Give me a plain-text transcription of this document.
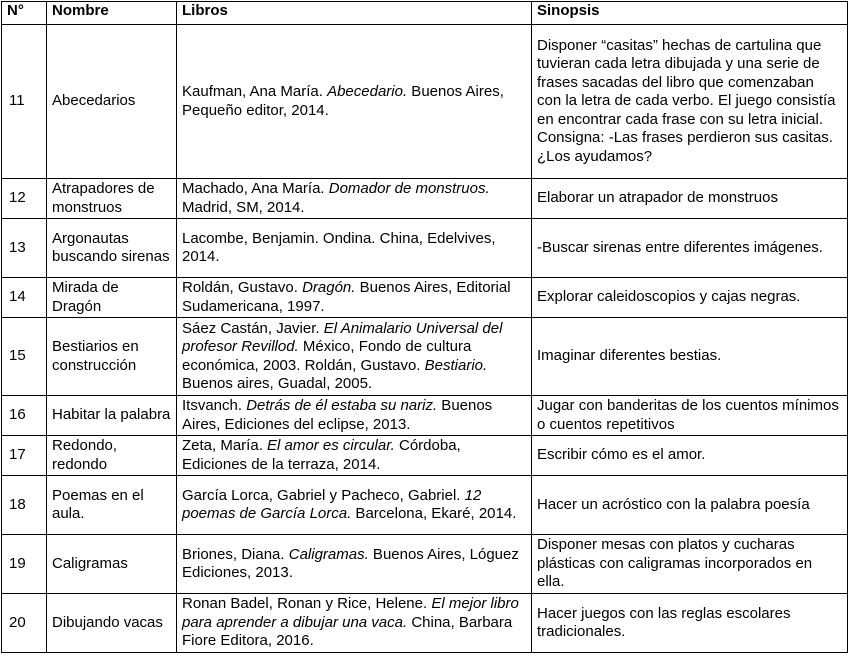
N°	Nombre	Libros	Sinopsis
11	Abecedarios	Kaufman, Ana María. Abecedario. Buenos Aires, Pequeño editor, 2014.	Disponer “casitas” hechas de cartulina que tuvieran cada letra dibujada y una serie de frases sacadas del libro que comenzaban con la letra de cada verbo. El juego consistía en encontrar cada frase con su letra inicial. Consigna: -Las frases perdieron sus casitas. ¿Los ayudamos?
12	Atrapadores de monstruos	Machado, Ana María. Domador de monstruos. Madrid, SM, 2014.	Elaborar un atrapador de monstruos
13	Argonautas buscando sirenas	Lacombe, Benjamin. Ondina. China, Edelvives, 2014.	-Buscar sirenas entre diferentes imágenes.
14	Mirada de Dragón	Roldán, Gustavo. Dragón. Buenos Aires, Editorial Sudamericana, 1997.	Explorar caleidoscopios y cajas negras.
15	Bestiarios en construcción	Sáez Castán, Javier. El Animalario Universal del profesor Revillod. México, Fondo de cultura económica, 2003. Roldán, Gustavo. Bestiario. Buenos aires, Guadal, 2005.	Imaginar diferentes bestias.
16	Habitar la palabra	Itsvanch. Detrás de él estaba su nariz. Buenos Aires, Ediciones del eclipse, 2013.	Jugar con banderitas de los cuentos mínimos o cuentos repetitivos
17	Redondo, redondo	Zeta, María. El amor es circular. Córdoba, Ediciones de la terraza, 2014.	Escribir cómo es el amor.
18	Poemas en el aula.	García Lorca, Gabriel y Pacheco, Gabriel. 12 poemas de García Lorca. Barcelona, Ekaré, 2014.	Hacer un acróstico con la palabra poesía
19	Caligramas	Briones, Diana. Caligramas. Buenos Aires, Lóguez Ediciones, 2013.	Disponer mesas con platos y cucharas plásticas con caligramas incorporados en ella.
20	Dibujando vacas	Ronan Badel, Ronan y Rice, Helene. El mejor libro para aprender a dibujar una vaca. China, Barbara Fiore Editora, 2016.	Hacer juegos con las reglas escolares tradicionales.
